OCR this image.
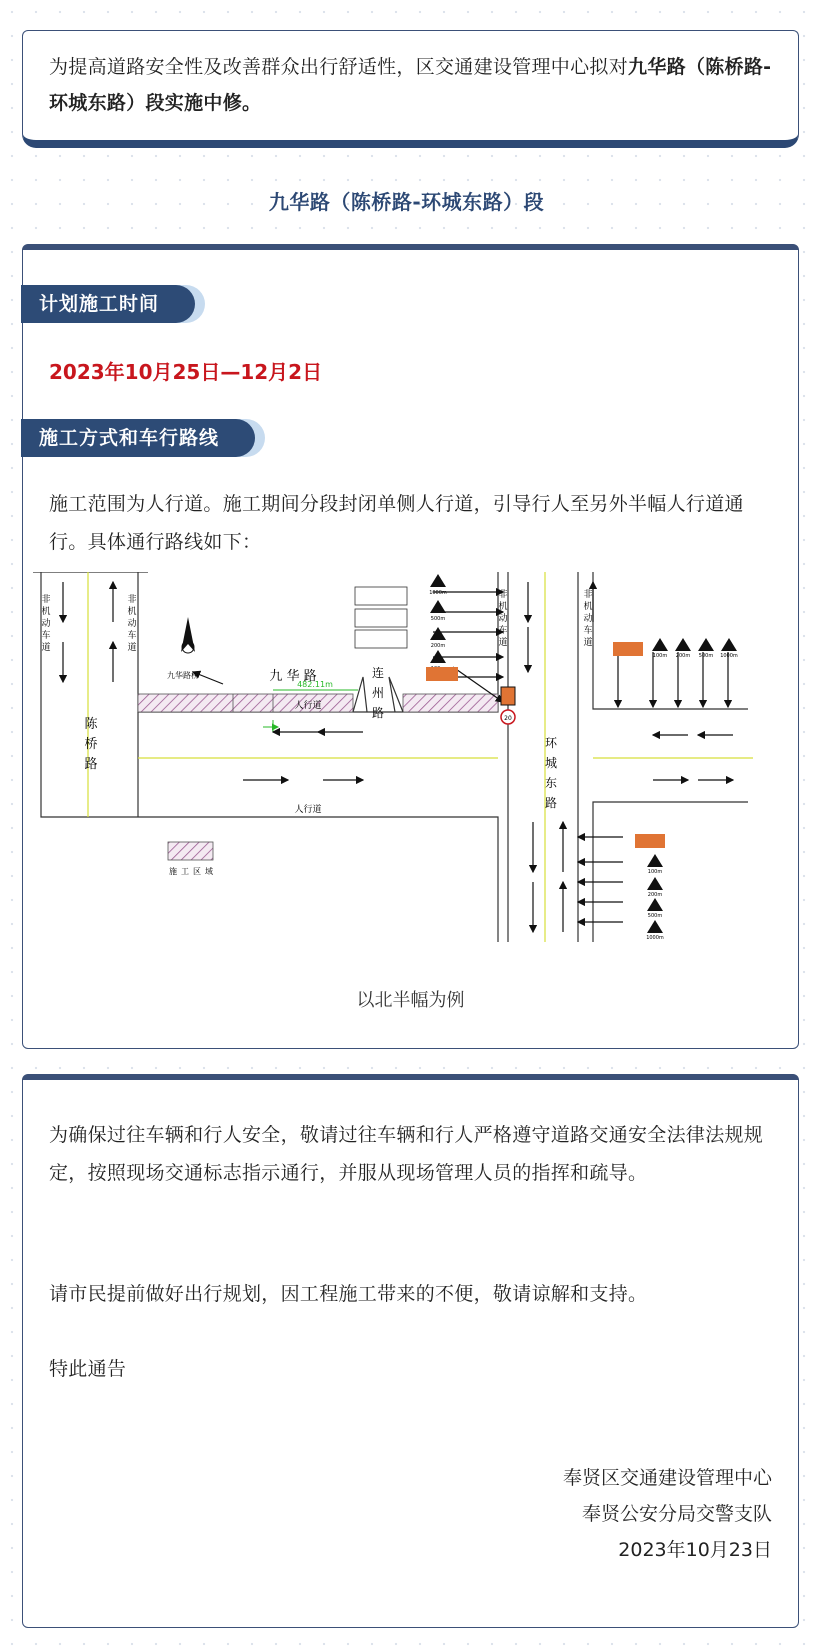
为提高道路安全性及改善群众出行舒适性，区交通建设管理中心拟对九华路（陈桥路-环城东路）段实施中修。

九华路（陈桥路-环城东路）段
计划施工时间
2023年10月25日—12月2日
施工方式和车行路线
施工范围为人行道。施工期间分段封闭单侧人行道，引导行人至另外半幅人行道通行。具体通行路线如下：
482.11m
陈
桥
路
九 华 路	连
州
路
环
城
东
路
九华路桥
人行道
人行道
非
机
动
车
道
非
机
动
车
道
非
机
动
车
道
非
机
动
车
道
1000m
500m
200m
20
100m 200m 500m 1000m
100m
200m
500m
1000m
施 工 区 域
以北半幅为例

为确保过往车辆和行人安全，敬请过往车辆和行人严格遵守道路交通安全法律法规规定，按照现场交通标志指示通行，并服从现场管理人员的指挥和疏导。

请市民提前做好出行规划，因工程施工带来的不便，敬请谅解和支持。

特此通告

奉贤区交通建设管理中心
奉贤公安分局交警支队
2023年10月23日
